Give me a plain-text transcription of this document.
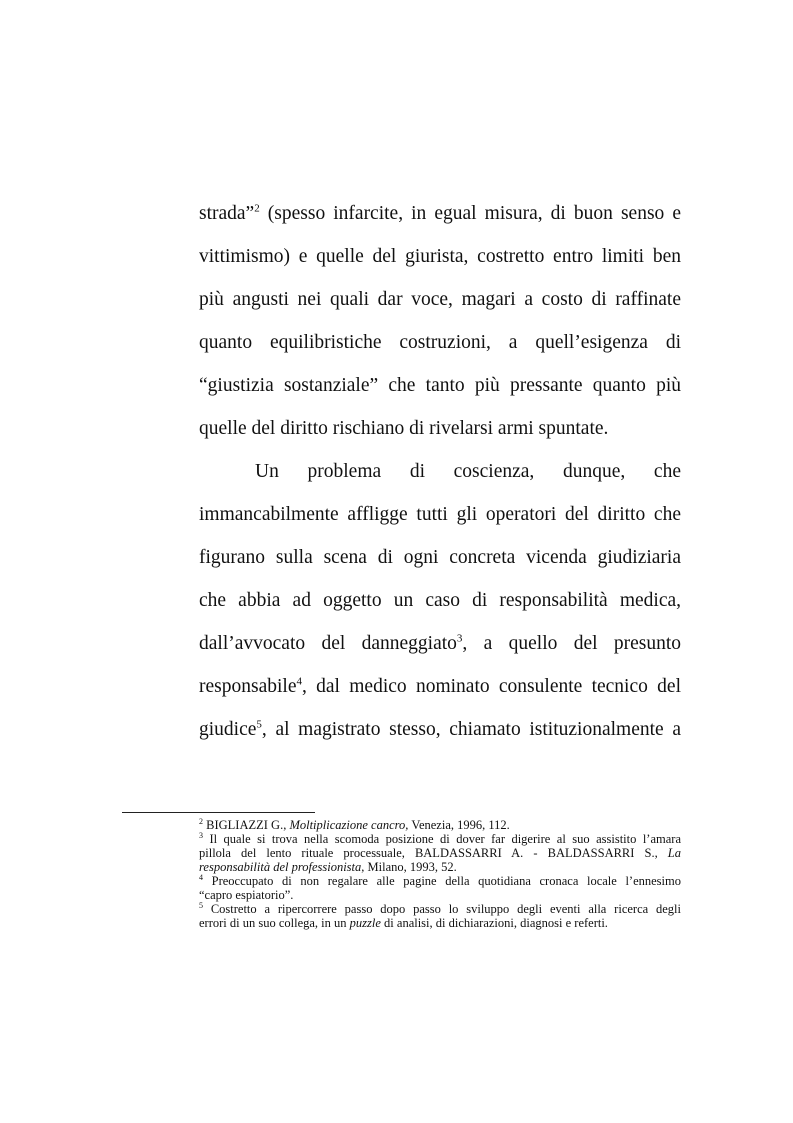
strada”$^2$ (spesso infarcite, in egual misura, di buon senso e
vittimismo) e quelle del giurista, costretto entro limiti ben
più angusti nei quali dar voce, magari a costo di raffinate
quanto equilibristiche costruzioni, a quell’esigenza di
“giustizia sostanziale” che tanto più pressante quanto più
quelle del diritto rischiano di rivelarsi armi spuntate.
Un problema di coscienza, dunque, che
immancabilmente affligge tutti gli operatori del diritto che
figurano sulla scena di ogni concreta vicenda giudiziaria
che abbia ad oggetto un caso di responsabilità medica,
dall’avvocato del danneggiato$^3$, a quello del presunto
responsabile$^4$, dal medico nominato consulente tecnico del
giudice$^5$, al magistrato stesso, chiamato istituzionalmente a
$^2$ BIGLIAZZI G., Moltiplicazione cancro, Venezia, 1996, 112.
$^3$ Il quale si trova nella scomoda posizione di dover far digerire al suo assistito l’amara
pillola del lento rituale processuale, BALDASSARRI A. - BALDASSARRI S., La
responsabilità del professionista, Milano, 1993, 52.
$^4$ Preoccupato di non regalare alle pagine della quotidiana cronaca locale l’ennesimo
“capro espiatorio”.
$^5$ Costretto a ripercorrere passo dopo passo lo sviluppo degli eventi alla ricerca degli
errori di un suo collega, in un puzzle di analisi, di dichiarazioni, diagnosi e referti.
